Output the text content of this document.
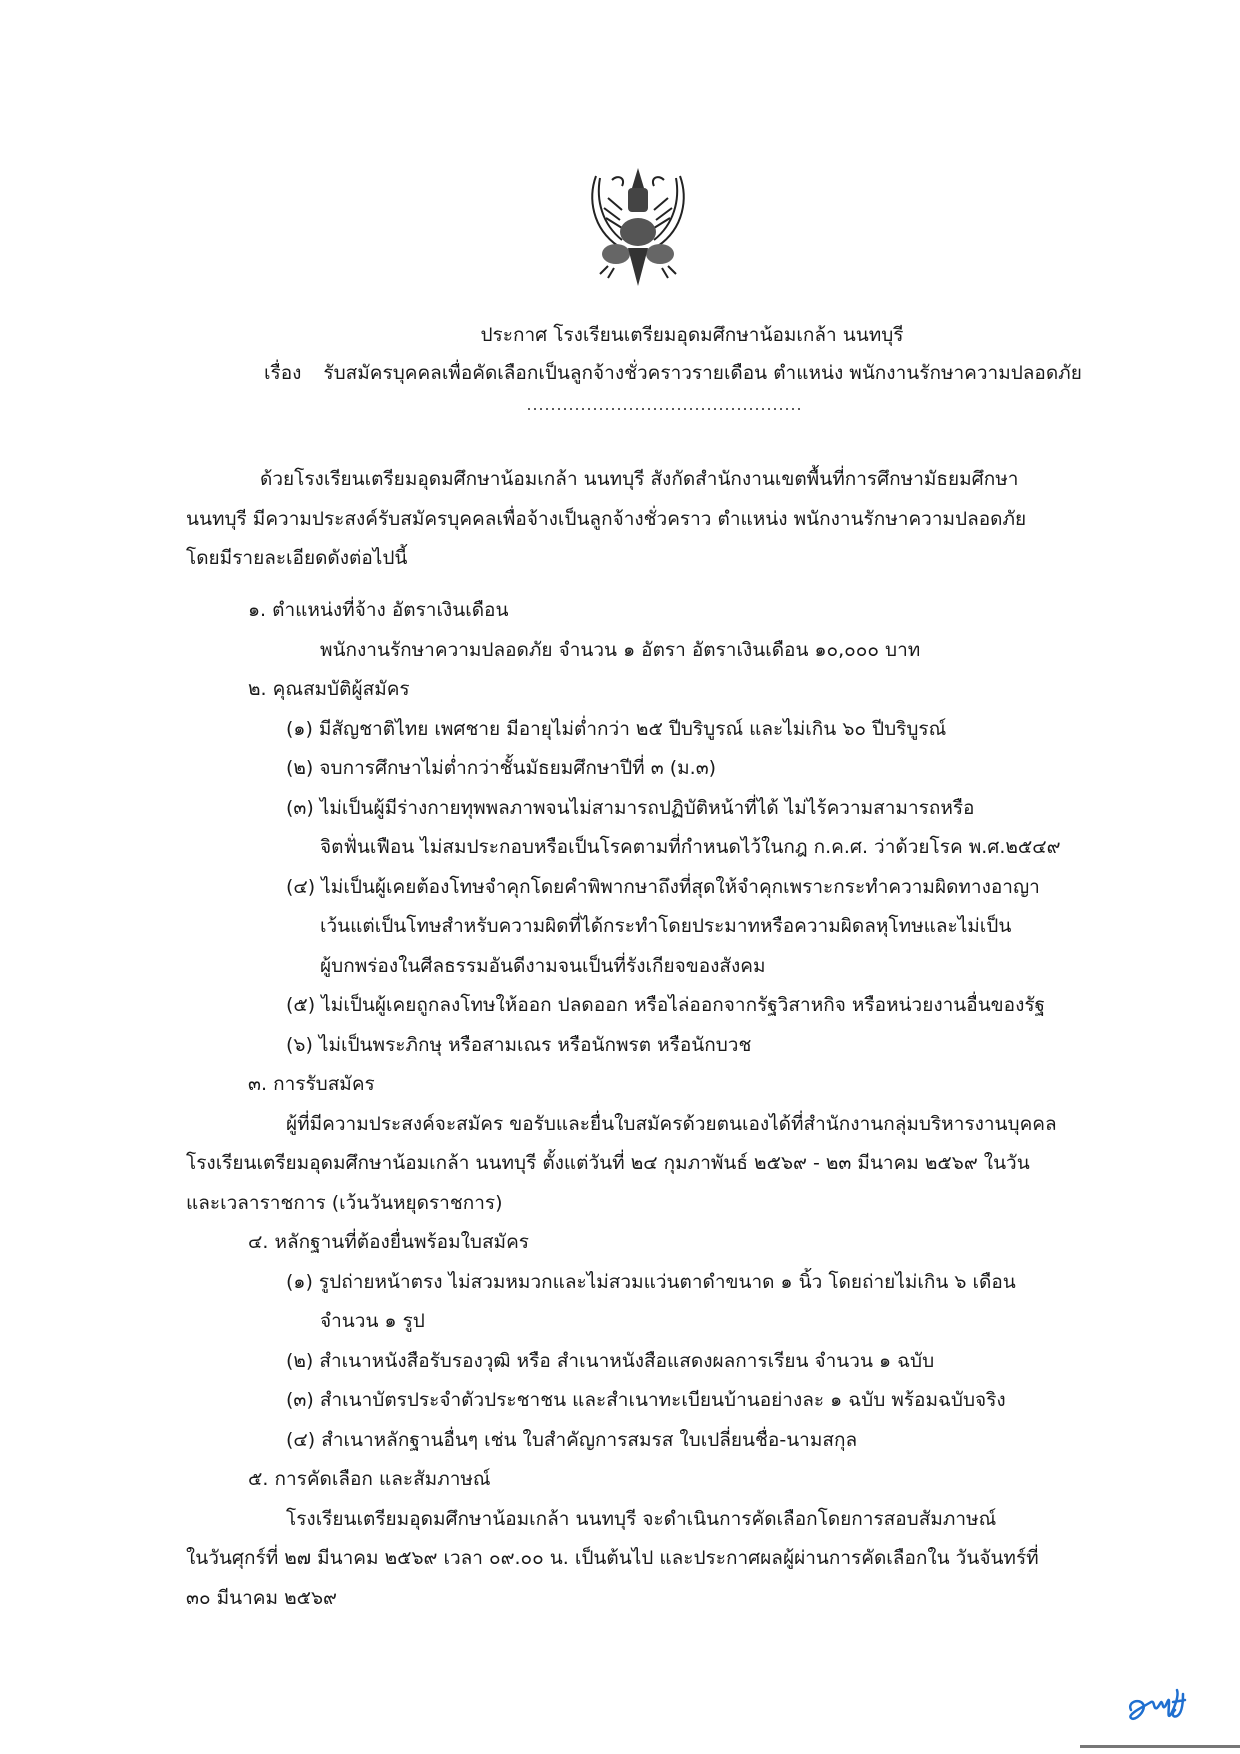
ประกาศ โรงเรียนเตรียมอุดมศึกษาน้อมเกล้า นนทบุรี
เรื่อง รับสมัครบุคคลเพื่อคัดเลือกเป็นลูกจ้างชั่วคราวรายเดือน ตำแหน่ง พนักงานรักษาความปลอดภัย
ด้วยโรงเรียนเตรียมอุดมศึกษาน้อมเกล้า นนทบุรี สังกัดสำนักงานเขตพื้นที่การศึกษามัธยมศึกษา
นนทบุรี มีความประสงค์รับสมัครบุคคลเพื่อจ้างเป็นลูกจ้างชั่วคราว ตำแหน่ง พนักงานรักษาความปลอดภัย
โดยมีรายละเอียดดังต่อไปนี้
๑. ตำแหน่งที่จ้าง อัตราเงินเดือน
พนักงานรักษาความปลอดภัย จำนวน ๑ อัตรา อัตราเงินเดือน ๑๐,๐๐๐ บาท
๒. คุณสมบัติผู้สมัคร
(๑) มีสัญชาติไทย เพศชาย มีอายุไม่ต่ำกว่า ๒๕ ปีบริบูรณ์ และไม่เกิน ๖๐ ปีบริบูรณ์
(๒) จบการศึกษาไม่ต่ำกว่าชั้นมัธยมศึกษาปีที่ ๓ (ม.๓)
(๓) ไม่เป็นผู้มีร่างกายทุพพลภาพจนไม่สามารถปฏิบัติหน้าที่ได้ ไม่ไร้ความสามารถหรือ
จิตฟั่นเฟือน ไม่สมประกอบหรือเป็นโรคตามที่กำหนดไว้ในกฎ ก.ค.ศ. ว่าด้วยโรค พ.ศ.๒๕๔๙
(๔) ไม่เป็นผู้เคยต้องโทษจำคุกโดยคำพิพากษาถึงที่สุดให้จำคุกเพราะกระทำความผิดทางอาญา
เว้นแต่เป็นโทษสำหรับความผิดที่ได้กระทำโดยประมาทหรือความผิดลหุโทษและไม่เป็น
ผู้บกพร่องในศีลธรรมอันดีงามจนเป็นที่รังเกียจของสังคม
(๕) ไม่เป็นผู้เคยถูกลงโทษให้ออก ปลดออก หรือไล่ออกจากรัฐวิสาหกิจ หรือหน่วยงานอื่นของรัฐ
(๖) ไม่เป็นพระภิกษุ หรือสามเณร หรือนักพรต หรือนักบวช
๓. การรับสมัคร
ผู้ที่มีความประสงค์จะสมัคร ขอรับและยื่นใบสมัครด้วยตนเองได้ที่สำนักงานกลุ่มบริหารงานบุคคล
โรงเรียนเตรียมอุดมศึกษาน้อมเกล้า นนทบุรี ตั้งแต่วันที่ ๒๔ กุมภาพันธ์ ๒๕๖๙ - ๒๓ มีนาคม ๒๕๖๙ ในวัน
และเวลาราชการ (เว้นวันหยุดราชการ)
๔. หลักฐานที่ต้องยื่นพร้อมใบสมัคร
(๑) รูปถ่ายหน้าตรง ไม่สวมหมวกและไม่สวมแว่นตาดำขนาด ๑ นิ้ว โดยถ่ายไม่เกิน ๖ เดือน
จำนวน ๑ รูป
(๒) สำเนาหนังสือรับรองวุฒิ หรือ สำเนาหนังสือแสดงผลการเรียน จำนวน ๑ ฉบับ
(๓) สำเนาบัตรประจำตัวประชาชน และสำเนาทะเบียนบ้านอย่างละ ๑ ฉบับ พร้อมฉบับจริง
(๔) สำเนาหลักฐานอื่นๆ เช่น ใบสำคัญการสมรส ใบเปลี่ยนชื่อ-นามสกุล
๕. การคัดเลือก และสัมภาษณ์
โรงเรียนเตรียมอุดมศึกษาน้อมเกล้า นนทบุรี จะดำเนินการคัดเลือกโดยการสอบสัมภาษณ์
ในวันศุกร์ที่ ๒๗ มีนาคม ๒๕๖๙ เวลา ๐๙.๐๐ น. เป็นต้นไป และประกาศผลผู้ผ่านการคัดเลือกใน วันจันทร์ที่
๓๐ มีนาคม ๒๕๖๙
